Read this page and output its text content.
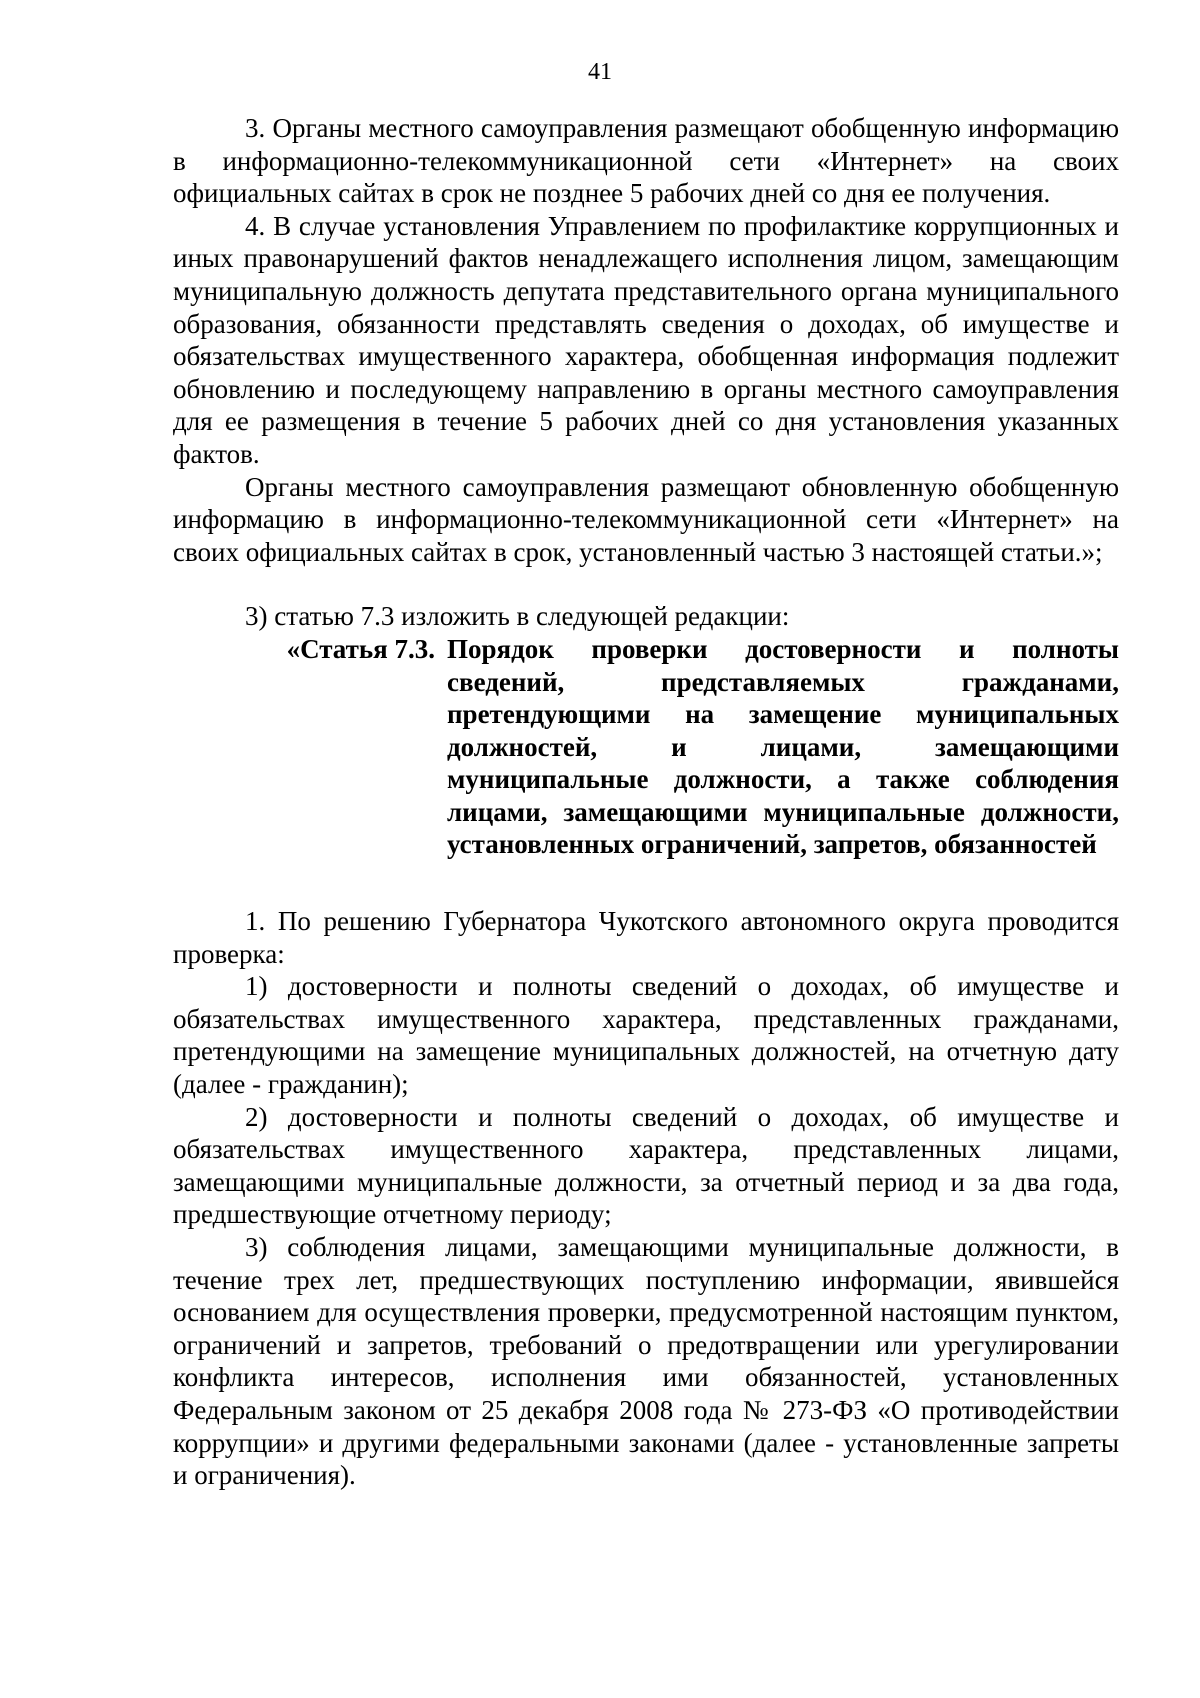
41

3. Органы местного самоуправления размещают обобщенную информацию в информационно-телекоммуникационной сети «Интернет» на своих официальных сайтах в срок не позднее 5 рабочих дней со дня ее получения.

4. В случае установления Управлением по профилактике коррупционных и иных правонарушений фактов ненадлежащего исполнения лицом, замещающим муниципальную должность депутата представительного органа муниципального образования, обязанности представлять сведения о доходах, об имуществе и обязательствах имущественного характера, обобщенная информация подлежит обновлению и последующему направлению в органы местного самоуправления для ее размещения в течение 5 рабочих дней со дня установления указанных фактов.

Органы местного самоуправления размещают обновленную обобщенную информацию в информационно-телекоммуникационной сети «Интернет» на своих официальных сайтах в срок, установленный частью 3 настоящей статьи.»;

3) статью 7.3 изложить в следующей редакции:

«Статья 7.3. Порядок проверки достоверности и полноты сведений, представляемых гражданами, претендующими на замещение муниципальных должностей, и лицами, замещающими муниципальные должности, а также соблюдения лицами, замещающими муниципальные должности, установленных ограничений, запретов, обязанностей

1. По решению Губернатора Чукотского автономного округа проводится проверка:

1) достоверности и полноты сведений о доходах, об имуществе и обязательствах имущественного характера, представленных гражданами, претендующими на замещение муниципальных должностей, на отчетную дату (далее - гражданин);

2) достоверности и полноты сведений о доходах, об имуществе и обязательствах имущественного характера, представленных лицами, замещающими муниципальные должности, за отчетный период и за два года, предшествующие отчетному периоду;

3) соблюдения лицами, замещающими муниципальные должности, в течение трех лет, предшествующих поступлению информации, явившейся основанием для осуществления проверки, предусмотренной настоящим пунктом, ограничений и запретов, требований о предотвращении или урегулировании конфликта интересов, исполнения ими обязанностей, установленных Федеральным законом от 25 декабря 2008 года № 273-ФЗ «О противодействии коррупции» и другими федеральными законами (далее - установленные запреты и ограничения).
